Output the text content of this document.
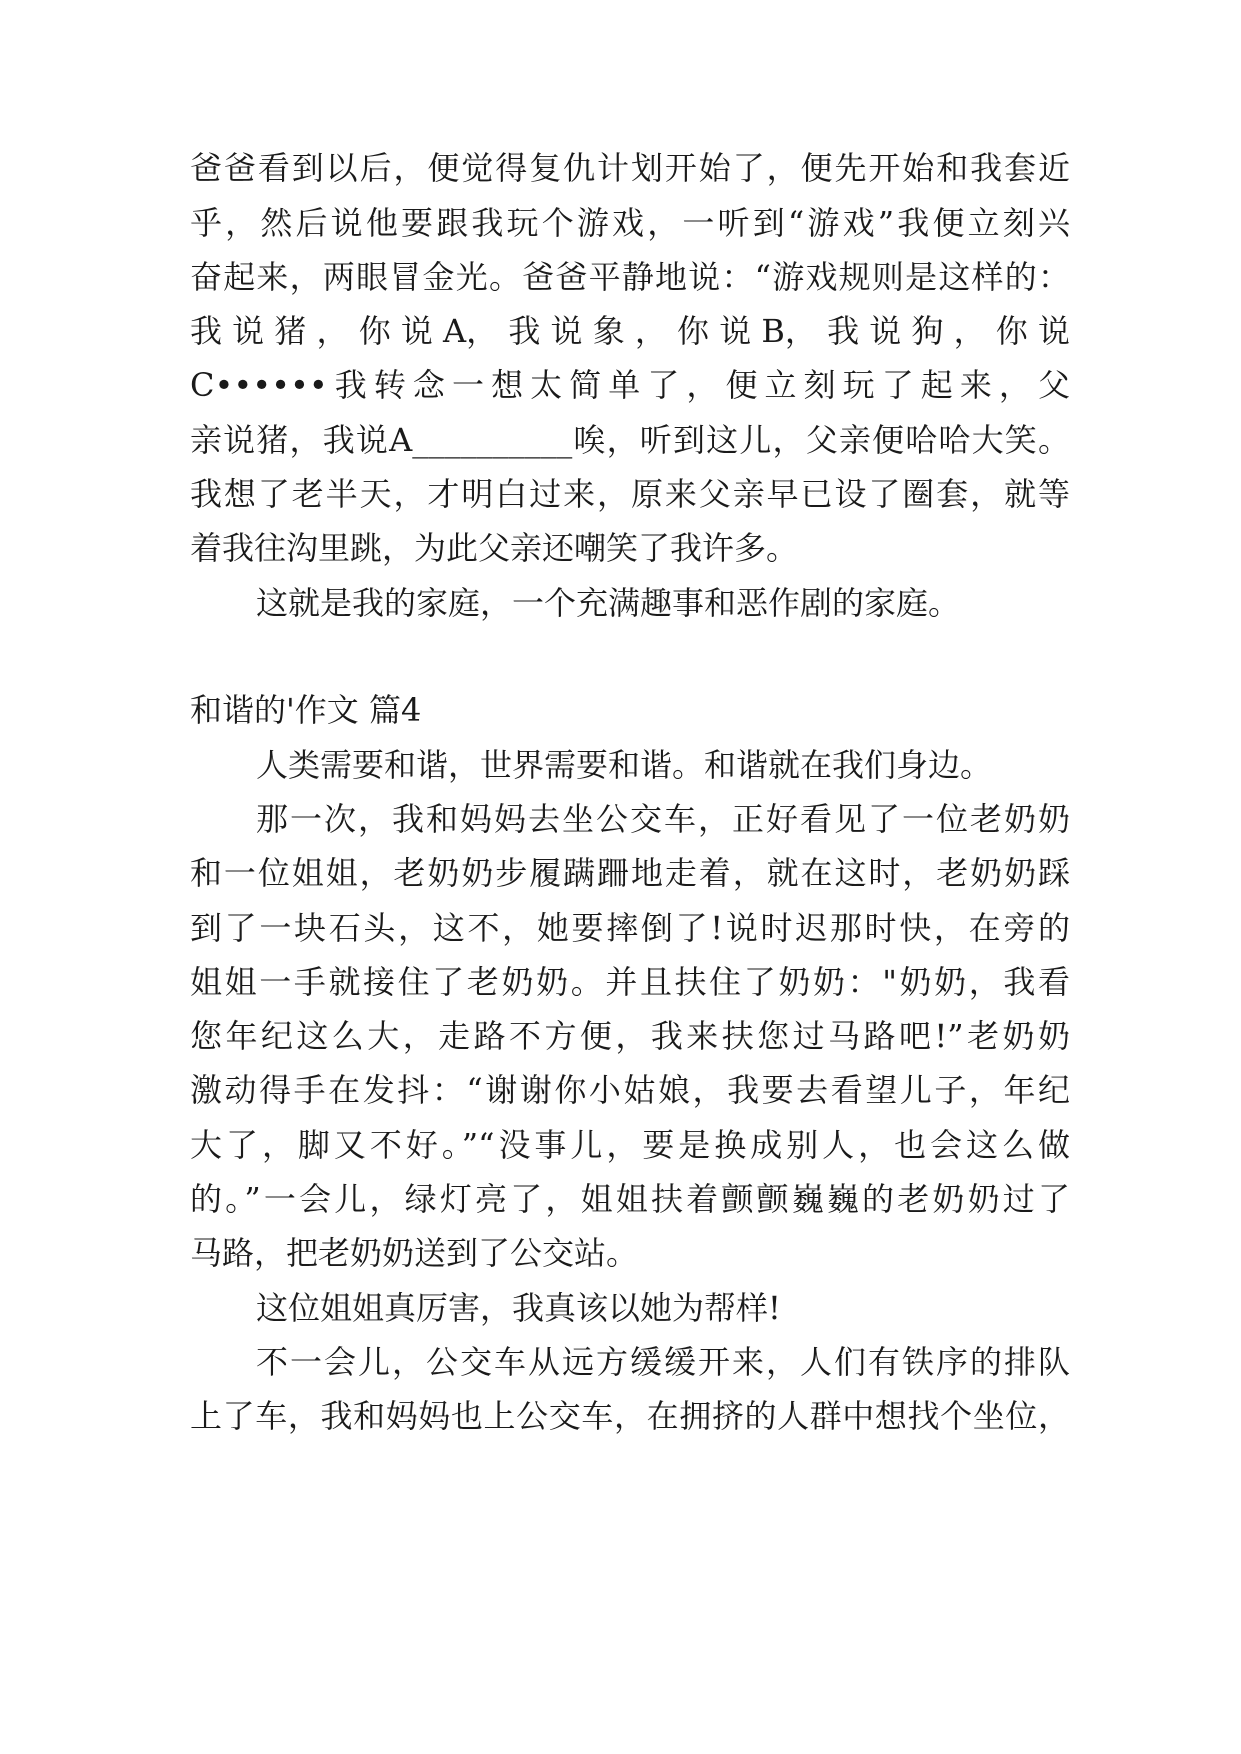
爸爸看到以后，便觉得复仇计划开始了，便先开始和我套近
乎，然后说他要跟我玩个游戏，一听到“游戏”我便立刻兴
奋起来，两眼冒金光。爸爸平静地说：“游戏规则是这样的：
我 说 猪 ， 你 说 A， 我 说 象 ， 你 说 B， 我 说 狗 ， 你 说
C••••••我转念一想太简单了，便立刻玩了起来，父
亲说猪，我说A__________唉，听到这儿，父亲便哈哈大笑。
我想了老半天，才明白过来，原来父亲早已设了圈套，就等
着我往沟里跳，为此父亲还嘲笑了我许多。
这就是我的家庭，一个充满趣事和恶作剧的家庭。
和谐的'作文 篇4
人类需要和谐，世界需要和谐。和谐就在我们身边。
那一次，我和妈妈去坐公交车，正好看见了一位老奶奶
和一位姐姐，老奶奶步履蹒跚地走着，就在这时，老奶奶踩
到了一块石头，这不，她要摔倒了!说时迟那时快，在旁的
姐姐一手就接住了老奶奶。并且扶住了奶奶："奶奶，我看
您年纪这么大，走路不方便，我来扶您过马路吧!”老奶奶
激动得手在发抖：“谢谢你小姑娘，我要去看望儿子，年纪
大了，脚又不好。”“没事儿，要是换成别人，也会这么做
的。”一会儿，绿灯亮了，姐姐扶着颤颤巍巍的老奶奶过了
马路，把老奶奶送到了公交站。
这位姐姐真厉害，我真该以她为帮样!
不一会儿，公交车从远方缓缓开来，人们有铁序的排队
上了车，我和妈妈也上公交车，在拥挤的人群中想找个坐位，
